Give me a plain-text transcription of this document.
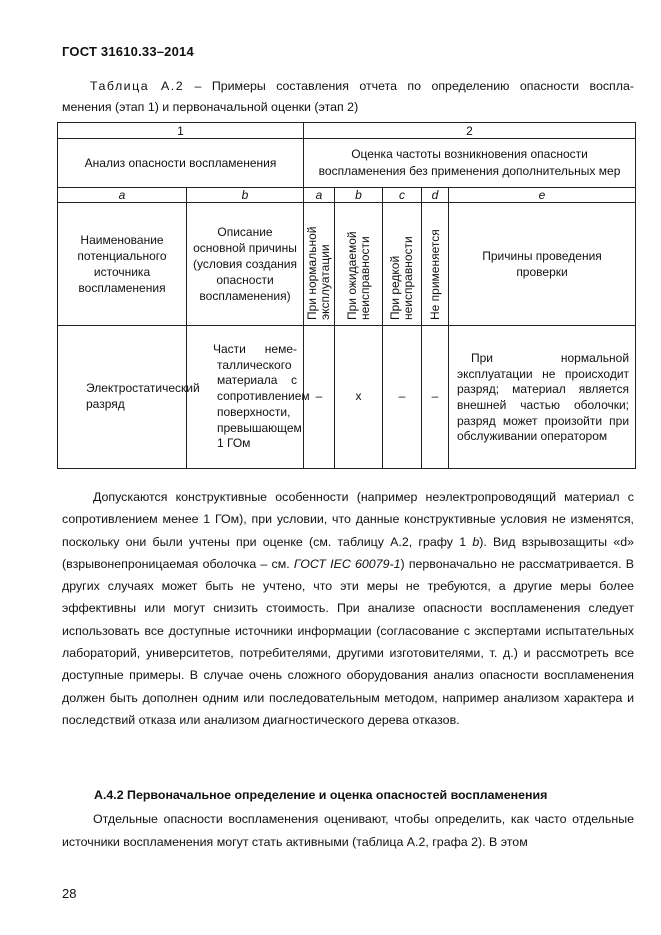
ГОСТ 31610.33–2014
Таблица А.2 – Примеры составления отчета по определению опасности воспла-
менения (этап 1) и первоначальной оценки (этап 2)
1		2				
Анализ опасности воспламенения		Оценка частоты возникновения опасности воспламенения без применения дополнительных мер				
a	b	a	b	c	d	e
Наименование потенциального источника воспламенения	Описание основной причины (условия создания опасности воспламенения)	При нормальной эксплуатации	При ожидаемой неисправности	При редкой неисправности	Не применяется	Причины проведения проверки
Электростатический разряд	Части неме-
таллического материала с сопротивлением поверхности, превышающем 1 ГОм	–	x	–	–	При нормальной эксплуатации не происходит разряд; материал является внешней частью оболочки; разряд может произойти при обслуживании оператором

Допускаются конструктивные особенности (например неэлектропроводящий материал с сопротивлением менее 1 ГОм), при условии, что данные конструктивные условия не изменятся, поскольку они были учтены при оценке (см. таблицу А.2, графу 1 b). Вид взрывозащиты «d» (взрывонепроницаемая оболочка – см. ГОСТ IEC 60079-1) первоначально не рассматривается. В других случаях может быть не учтено, что эти меры не требуются, а другие меры более эффективны или могут снизить стоимость. При анализе опасности воспламенения следует использовать все доступные источники информации (согласование с экспертами испытательных лабораторий, университетов, потребителями, другими изготовителями, т. д.) и рассмотреть все доступные примеры. В случае очень сложного оборудования анализ опасности воспламенения должен быть дополнен одним или последовательным методом, например анализом характера и последствий отказа или анализом диагностического дерева отказов.

А.4.2 Первоначальное определение и оценка опасностей воспламенения

Отдельные опасности воспламенения оценивают, чтобы определить, как часто отдельные источники воспламенения могут стать активными (таблица А.2, графа 2). В этом

28
